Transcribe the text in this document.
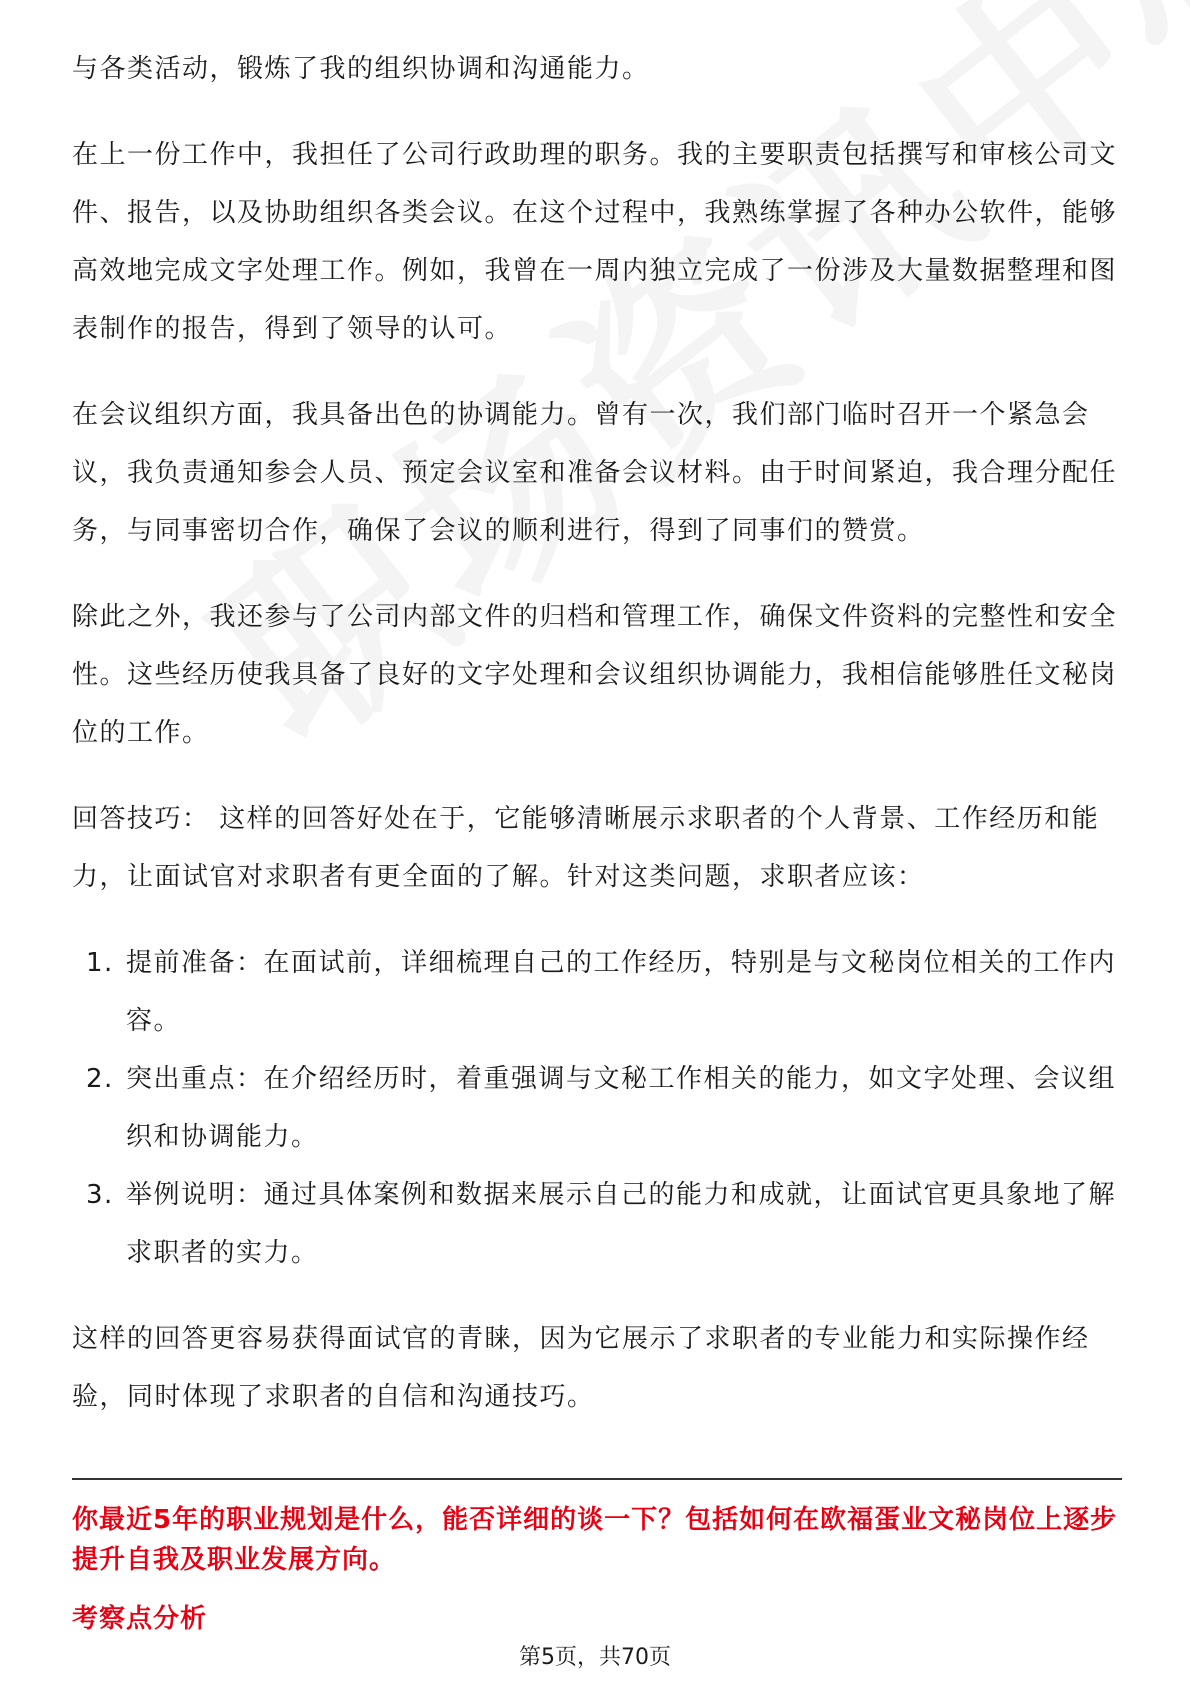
与各类活动，锻炼了我的组织协调和沟通能力。

在上一份工作中，我担任了公司行政助理的职务。我的主要职责包括撰写和审核公司文件、报告，以及协助组织各类会议。在这个过程中，我熟练掌握了各种办公软件，能够高效地完成文字处理工作。例如，我曾在一周内独立完成了一份涉及大量数据整理和图表制作的报告，得到了领导的认可。

在会议组织方面，我具备出色的协调能力。曾有一次，我们部门临时召开一个紧急会议，我负责通知参会人员、预定会议室和准备会议材料。由于时间紧迫，我合理分配任务，与同事密切合作，确保了会议的顺利进行，得到了同事们的赞赏。

除此之外，我还参与了公司内部文件的归档和管理工作，确保文件资料的完整性和安全性。这些经历使我具备了良好的文字处理和会议组织协调能力，我相信能够胜任文秘岗位的工作。

回答技巧： 这样的回答好处在于，它能够清晰展示求职者的个人背景、工作经历和能力，让面试官对求职者有更全面的了解。针对这类问题，求职者应该：

1. 提前准备：在面试前，详细梳理自己的工作经历，特别是与文秘岗位相关的工作内容。
2. 突出重点：在介绍经历时，着重强调与文秘工作相关的能力，如文字处理、会议组织和协调能力。
3. 举例说明：通过具体案例和数据来展示自己的能力和成就，让面试官更具象地了解求职者的实力。

这样的回答更容易获得面试官的青睐，因为它展示了求职者的专业能力和实际操作经验，同时体现了求职者的自信和沟通技巧。

你最近5年的职业规划是什么，能否详细的谈一下？包括如何在欧福蛋业文秘岗位上逐步提升自我及职业发展方向。
考察点分析
第5页，共70页
